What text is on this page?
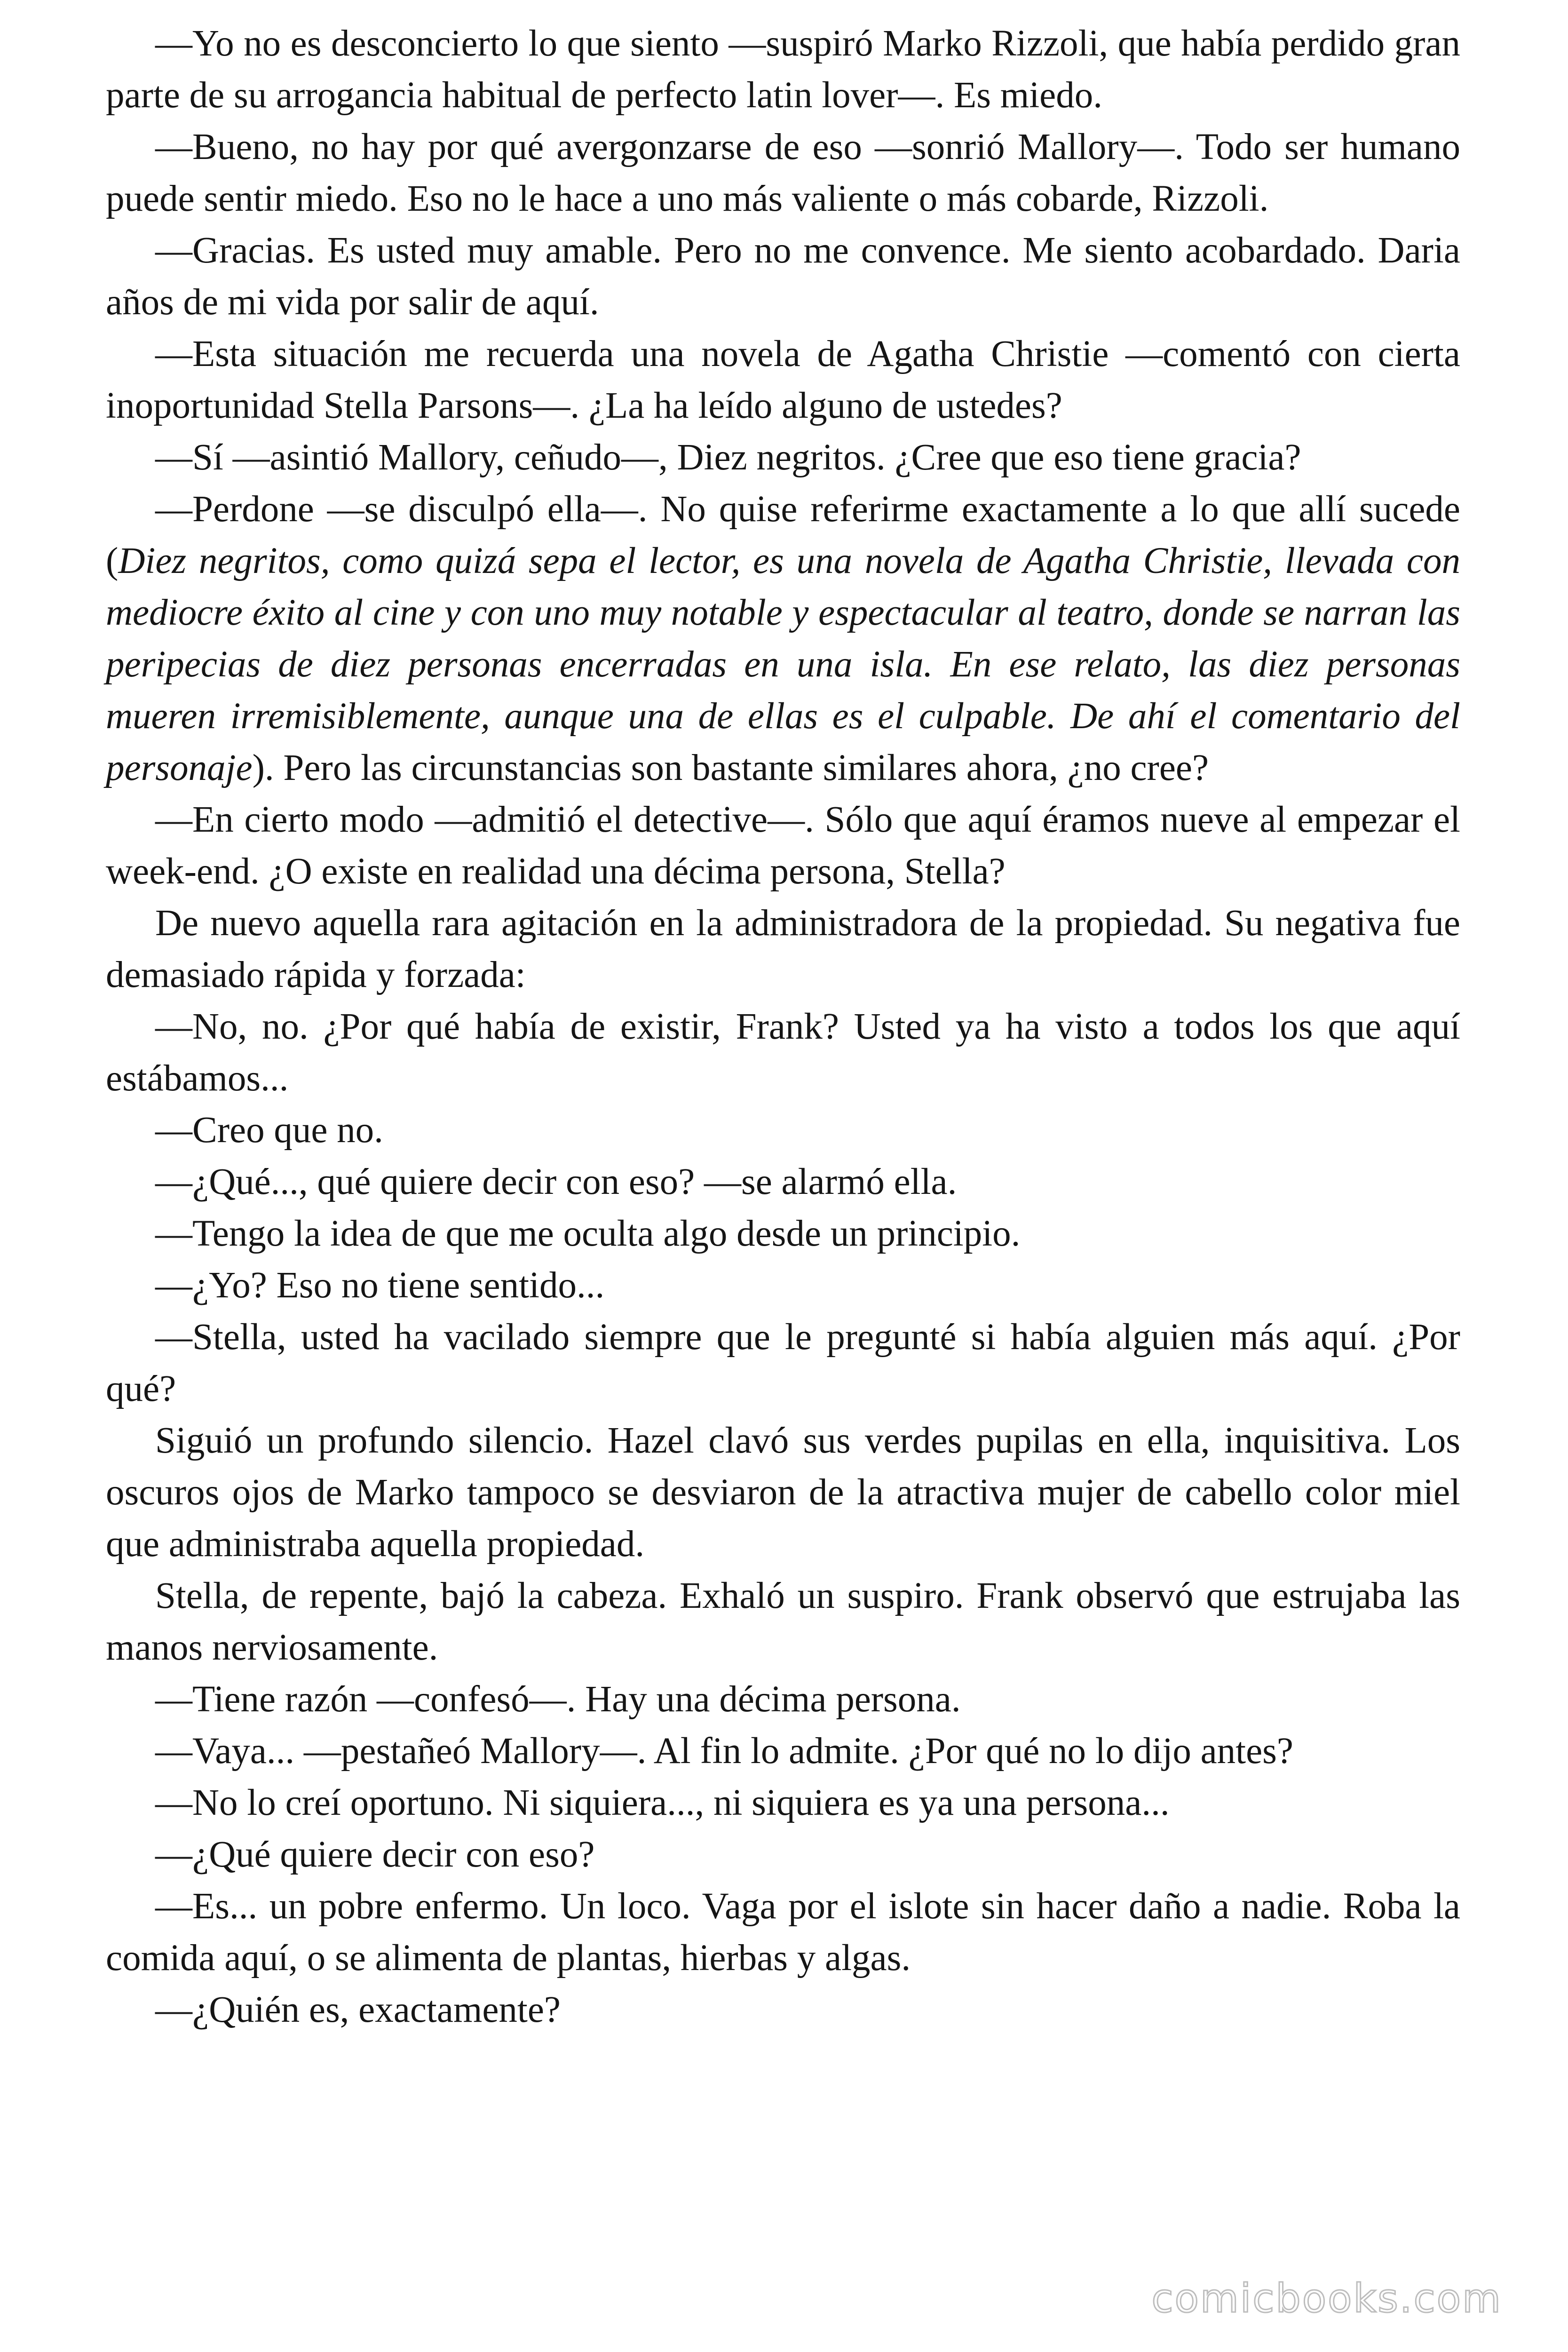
—Yo no es desconcierto lo que siento —suspiró Marko Rizzoli, que había perdido gran parte de su arrogancia habitual de perfecto latin lover—. Es miedo.

—Bueno, no hay por qué avergonzarse de eso —sonrió Mallory—. Todo ser humano puede sentir miedo. Eso no le hace a uno más valiente o más cobarde, Rizzoli.

—Gracias. Es usted muy amable. Pero no me convence. Me siento acobardado. Daria años de mi vida por salir de aquí.

—Esta situación me recuerda una novela de Agatha Christie —comentó con cierta inoportunidad Stella Parsons—. ¿La ha leído alguno de ustedes?

—Sí —asintió Mallory, ceñudo—, Diez negritos. ¿Cree que eso tiene gracia?

—Perdone —se disculpó ella—. No quise referirme exactamente a lo que allí sucede (Diez negritos, como quizá sepa el lector, es una novela de Agatha Christie, llevada con mediocre éxito al cine y con uno muy notable y espectacular al teatro, donde se narran las peripecias de diez personas encerradas en una isla. En ese relato, las diez personas mueren irremisiblemente, aunque una de ellas es el culpable. De ahí el comentario del personaje). Pero las circunstancias son bastante similares ahora, ¿no cree?

—En cierto modo —admitió el detective—. Sólo que aquí éramos nueve al empezar el week-end. ¿O existe en realidad una décima persona, Stella?

De nuevo aquella rara agitación en la administradora de la propiedad. Su negativa fue demasiado rápida y forzada:

—No, no. ¿Por qué había de existir, Frank? Usted ya ha visto a todos los que aquí estábamos...

—Creo que no.

—¿Qué..., qué quiere decir con eso? —se alarmó ella.

—Tengo la idea de que me oculta algo desde un principio.

—¿Yo? Eso no tiene sentido...

—Stella, usted ha vacilado siempre que le pregunté si había alguien más aquí. ¿Por qué?

Siguió un profundo silencio. Hazel clavó sus verdes pupilas en ella, inquisitiva. Los oscuros ojos de Marko tampoco se desviaron de la atractiva mujer de cabello color miel que administraba aquella propiedad.

Stella, de repente, bajó la cabeza. Exhaló un suspiro. Frank observó que estrujaba las manos nerviosamente.

—Tiene razón —confesó—. Hay una décima persona.

—Vaya... —pestañeó Mallory—. Al fin lo admite. ¿Por qué no lo dijo antes?

—No lo creí oportuno. Ni siquiera..., ni siquiera es ya una persona...

—¿Qué quiere decir con eso?

—Es... un pobre enfermo. Un loco. Vaga por el islote sin hacer daño a nadie. Roba la comida aquí, o se alimenta de plantas, hierbas y algas.

—¿Quién es, exactamente?

comicbooks.com
